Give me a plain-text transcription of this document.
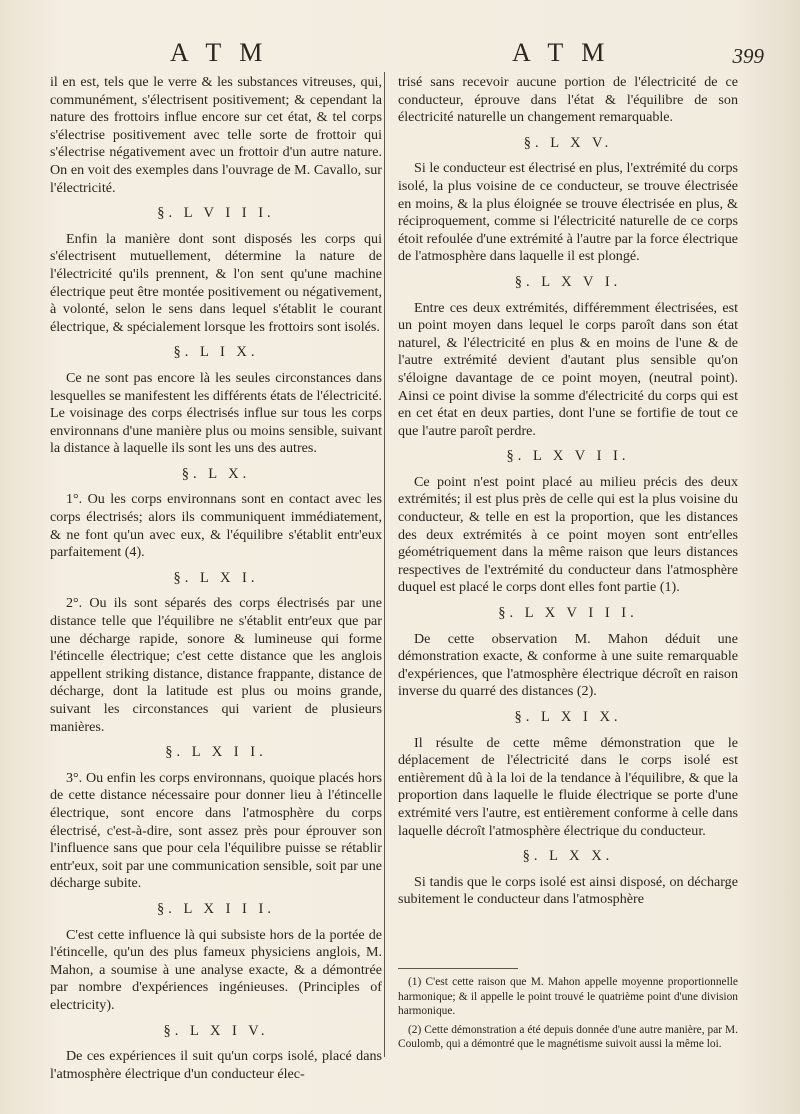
A T M	A T M	399

il en est, tels que le verre & les substances vitreuses, qui, communément, s'électrisent positivement; & cependant la nature des frottoirs influe encore sur cet état, & tel corps s'électrise positivement avec telle sorte de frottoir qui s'électrise négativement avec un frottoir d'un autre nature. On en voit des exemples dans l'ouvrage de M. Cavallo, sur l'électricité.

§. L V I I I.

Enfin la manière dont sont disposés les corps qui s'électrisent mutuellement, détermine la nature de l'électricité qu'ils prennent, & l'on sent qu'une machine électrique peut être montée positivement ou négativement, à volonté, selon le sens dans lequel s'établit le courant électrique, & spécialement lorsque les frottoirs sont isolés.

§. L I X.

Ce ne sont pas encore là les seules circonstances dans lesquelles se manifestent les différents états de l'électricité. Le voisinage des corps électrisés influe sur tous les corps environnans d'une manière plus ou moins sensible, suivant la distance à laquelle ils sont les uns des autres.

§. L X.

1°. Ou les corps environnans sont en contact avec les corps électrisés; alors ils communiquent immédiatement, & ne font qu'un avec eux, & l'équilibre s'établit entr'eux parfaitement (4).

§. L X I.

2°. Ou ils sont séparés des corps électrisés par une distance telle que l'équilibre ne s'établit entr'eux que par une décharge rapide, sonore & lumineuse qui forme l'étincelle électrique; c'est cette distance que les anglois appellent striking distance, distance frappante, distance de décharge, dont la latitude est plus ou moins grande, suivant les circonstances qui varient de plusieurs manières.

§. L X I I.

3°. Ou enfin les corps environnans, quoique placés hors de cette distance nécessaire pour donner lieu à l'étincelle électrique, sont encore dans l'atmosphère du corps électrisé, c'est-à-dire, sont assez près pour éprouver son l'influence sans que pour cela l'équilibre puisse se rétablir entr'eux, soit par une communication sensible, soit par une décharge subite.

§. L X I I I.

C'est cette influence là qui subsiste hors de la portée de l'étincelle, qu'un des plus fameux physiciens anglois, M. Mahon, a soumise à une analyse exacte, & a démontrée par nombre d'expériences ingénieuses. (Principles of electricity).

§. L X I V.

De ces expériences il suit qu'un corps isolé, placé dans l'atmosphère électrique d'un conducteur élec-

trisé sans recevoir aucune portion de l'électricité de ce conducteur, éprouve dans l'état & l'équilibre de son électricité naturelle un changement remarquable.

§. L X V.

Si le conducteur est électrisé en plus, l'extrémité du corps isolé, la plus voisine de ce conducteur, se trouve électrisée en moins, & la plus éloignée se trouve électrisée en plus, & réciproquement, comme si l'électricité naturelle de ce corps étoit refoulée d'une extrémité à l'autre par la force électrique de l'atmosphère dans laquelle il est plongé.

§. L X V I.

Entre ces deux extrémités, différemment électrisées, est un point moyen dans lequel le corps paroît dans son état naturel, & l'électricité en plus & en moins de l'une & de l'autre extrémité devient d'autant plus sensible qu'on s'éloigne davantage de ce point moyen, (neutral point). Ainsi ce point divise la somme d'électricité du corps qui est en cet état en deux parties, dont l'une se fortifie de tout ce que l'autre paroît perdre.

§. L X V I I.

Ce point n'est point placé au milieu précis des deux extrémités; il est plus près de celle qui est la plus voisine du conducteur, & telle en est la proportion, que les distances des deux extrémités à ce point moyen sont entr'elles géométriquement dans la même raison que leurs distances respectives de l'extrémité du conducteur dans l'atmosphère duquel est placé le corps dont elles font partie (1).

§. L X V I I I.

De cette observation M. Mahon déduit une démonstration exacte, & conforme à une suite remarquable d'expériences, que l'atmosphère électrique décroît en raison inverse du quarré des distances (2).

§. L X I X.

Il résulte de cette même démonstration que le déplacement de l'électricité dans le corps isolé est entièrement dû à la loi de la tendance à l'équilibre, & que la proportion dans laquelle le fluide électrique se porte d'une extrémité vers l'autre, est entièrement conforme à celle dans laquelle décroît l'atmosphère électrique du conducteur.

§. L X X.

Si tandis que le corps isolé est ainsi disposé, on décharge subitement le conducteur dans l'atmosphère

(1) C'est cette raison que M. Mahon appelle moyenne proportionnelle harmonique; & il appelle le point trouvé le quatrième point d'une division harmonique.

(2) Cette démonstration a été depuis donnée d'une autre manière, par M. Coulomb, qui a démontré que le magnétisme suivoit aussi la même loi.
